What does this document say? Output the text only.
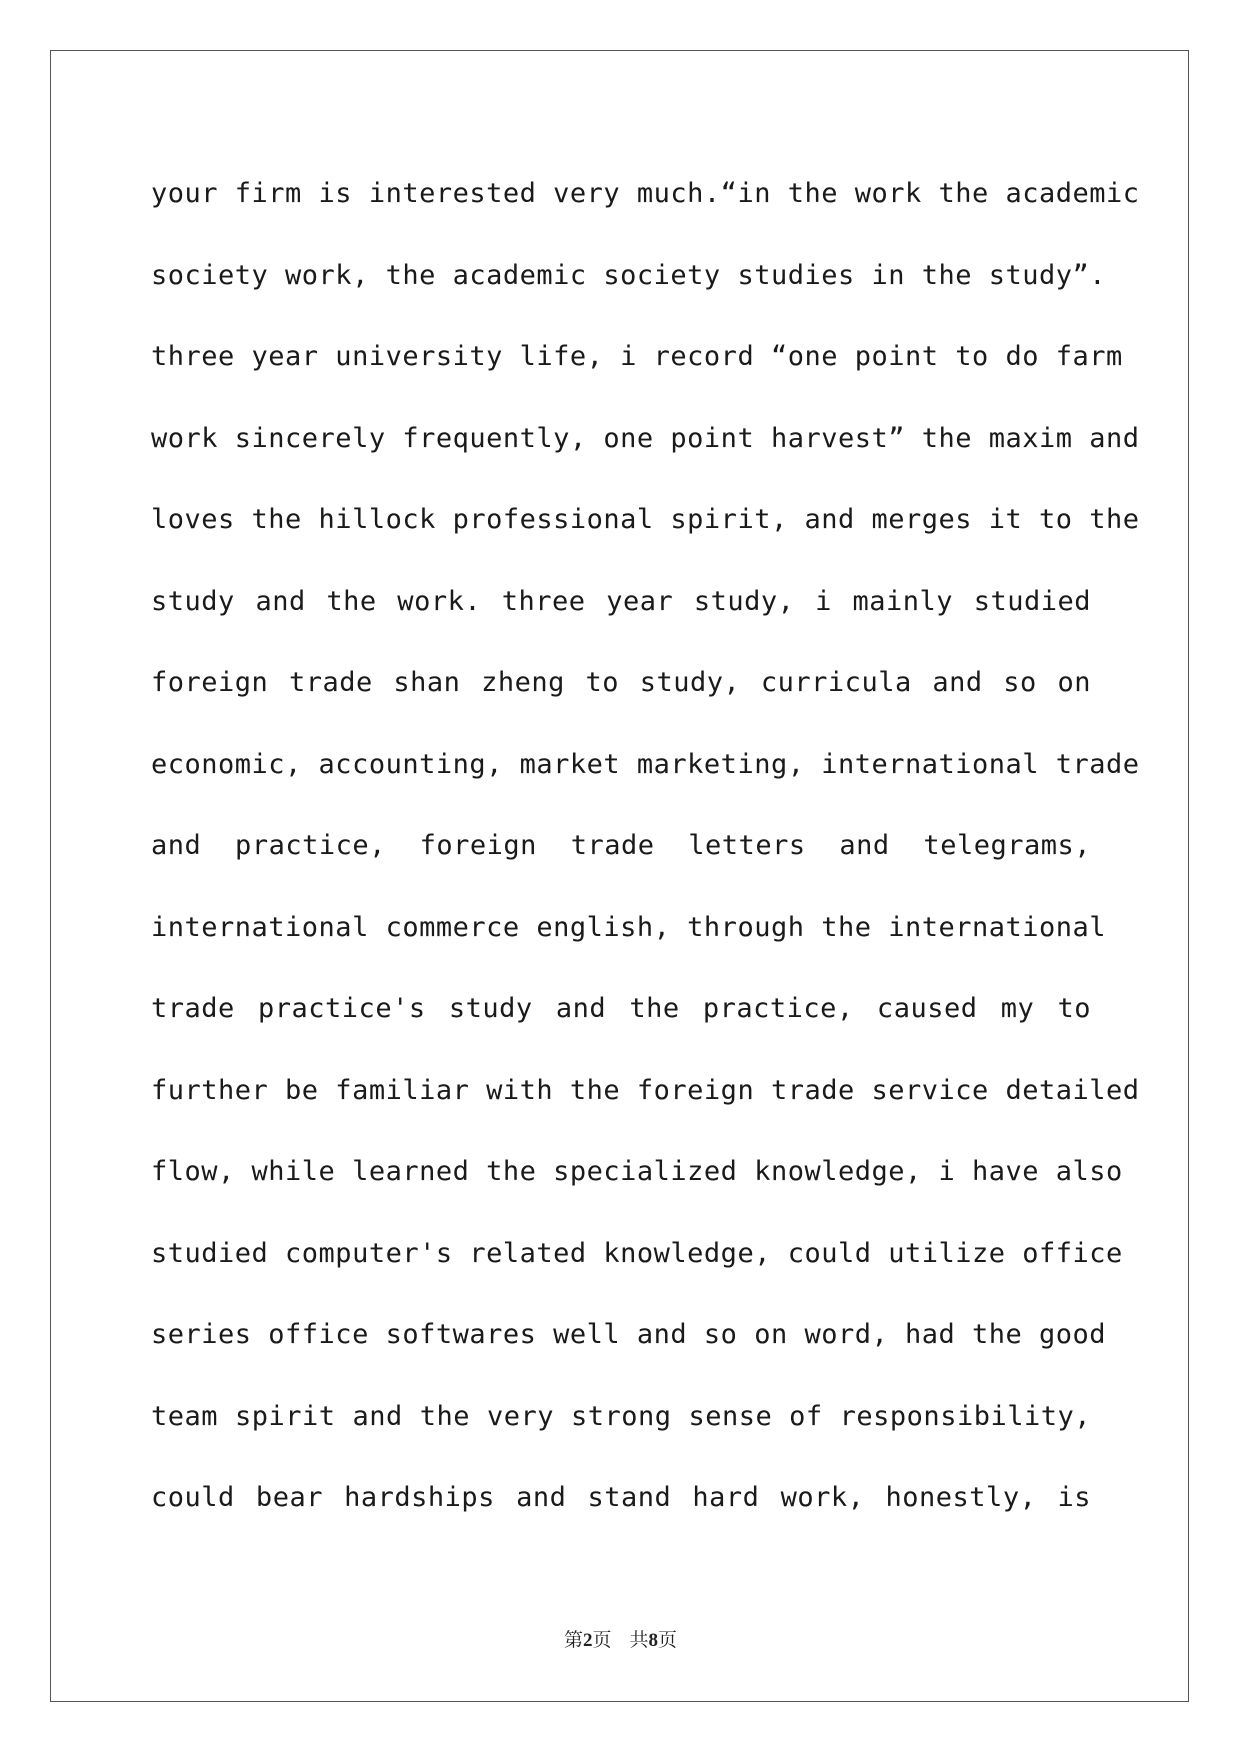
your firm is interested very much.“in the work the academic
society work, the academic society studies in the study”.
three year university life, i record “one point to do farm
work sincerely frequently, one point harvest” the maxim and
loves the hillock professional spirit, and merges it to the
study and the work. three year study, i mainly studied
foreign trade shan zheng to study, curricula and so on
economic, accounting, market marketing, international trade
and practice, foreign trade letters and telegrams,
international commerce english, through the international
trade practice's study and the practice, caused my to
further be familiar with the foreign trade service detailed
flow, while learned the specialized knowledge, i have also
studied computer's related knowledge, could utilize office
series office softwares well and so on word, had the good
team spirit and the very strong sense of responsibility,
could bear hardships and stand hard work, honestly, is
第2页 共8页
